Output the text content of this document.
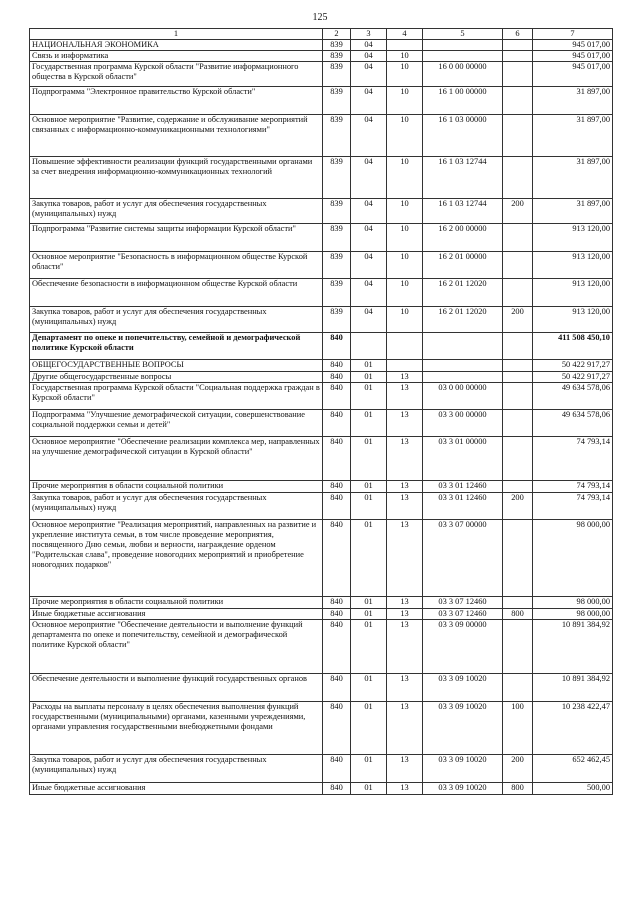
125
1	2	3	4	5	6	7
НАЦИОНАЛЬНАЯ ЭКОНОМИКА	839	04				945 017,00
Связь и информатика	839	04	10			945 017,00
Государственная программа Курской области "Развитие информационного общества в Курской области"	839	04	10	16 0 00 00000		945 017,00
Подпрограмма "Электронное правительство Курской области"	839	04	10	16 1 00 00000		31 897,00
Основное мероприятие "Развитие, содержание и обслуживание мероприятий связанных с информационно-коммуникационными технологиями"	839	04	10	16 1 03 00000		31 897,00
Повышение эффективности реализации функций государственными органами за счет внедрения информационно-коммуникационных технологий	839	04	10	16 1 03 12744		31 897,00
Закупка товаров, работ и услуг для обеспечения государственных (муниципальных) нужд	839	04	10	16 1 03 12744	200	31 897,00
Подпрограмма "Развитие системы защиты информации Курской области"	839	04	10	16 2 00 00000		913 120,00
Основное мероприятие "Безопасность в информационном обществе Курской области"	839	04	10	16 2 01 00000		913 120,00
Обеспечение безопасности в информационном обществе Курской области	839	04	10	16 2 01 12020		913 120,00
Закупка товаров, работ и услуг для обеспечения государственных (муниципальных) нужд	839	04	10	16 2 01 12020	200	913 120,00
Департамент по опеке и попечительству, семейной и демографической политике Курской области	840					411 508 450,10
ОБЩЕГОСУДАРСТВЕННЫЕ ВОПРОСЫ	840	01				50 422 917,27
Другие общегосударственные вопросы	840	01	13			50 422 917,27
Государственная программа Курской области "Социальная поддержка граждан в Курской области"	840	01	13	03 0 00 00000		49 634 578,06
Подпрограмма "Улучшение демографической ситуации, совершенствование социальной поддержки семьи и детей"	840	01	13	03 3 00 00000		49 634 578,06
Основное мероприятие "Обеспечение реализации комплекса мер, направленных на улучшение демографической ситуации в Курской области"	840	01	13	03 3 01 00000		74 793,14
Прочие мероприятия в области социальной политики	840	01	13	03 3 01 12460		74 793,14
Закупка товаров, работ и услуг для обеспечения государственных (муниципальных) нужд	840	01	13	03 3 01 12460	200	74 793,14
Основное мероприятие "Реализация мероприятий, направленных на развитие и укрепление института семьи, в том числе проведение мероприятия, посвященного Дню семьи, любви и верности, награждение орденом "Родительская слава", проведение новогодних мероприятий и приобретение новогодних подарков"	840	01	13	03 3 07 00000		98 000,00
Прочие мероприятия в области социальной политики	840	01	13	03 3 07 12460		98 000,00
Иные бюджетные ассигнования	840	01	13	03 3 07 12460	800	98 000,00
Основное мероприятие "Обеспечение деятельности и выполнение функций департамента по опеке и попечительству, семейной и демографической политике Курской области"	840	01	13	03 3 09 00000		10 891 384,92
Обеспечение деятельности и выполнение функций государственных органов	840	01	13	03 3 09 10020		10 891 384,92
Расходы на выплаты персоналу в целях обеспечения выполнения функций государственными (муниципальными) органами, казенными учреждениями, органами управления государственными внебюджетными фондами	840	01	13	03 3 09 10020	100	10 238 422,47
Закупка товаров, работ и услуг для обеспечения государственных (муниципальных) нужд	840	01	13	03 3 09 10020	200	652 462,45
Иные бюджетные ассигнования	840	01	13	03 3 09 10020	800	500,00
